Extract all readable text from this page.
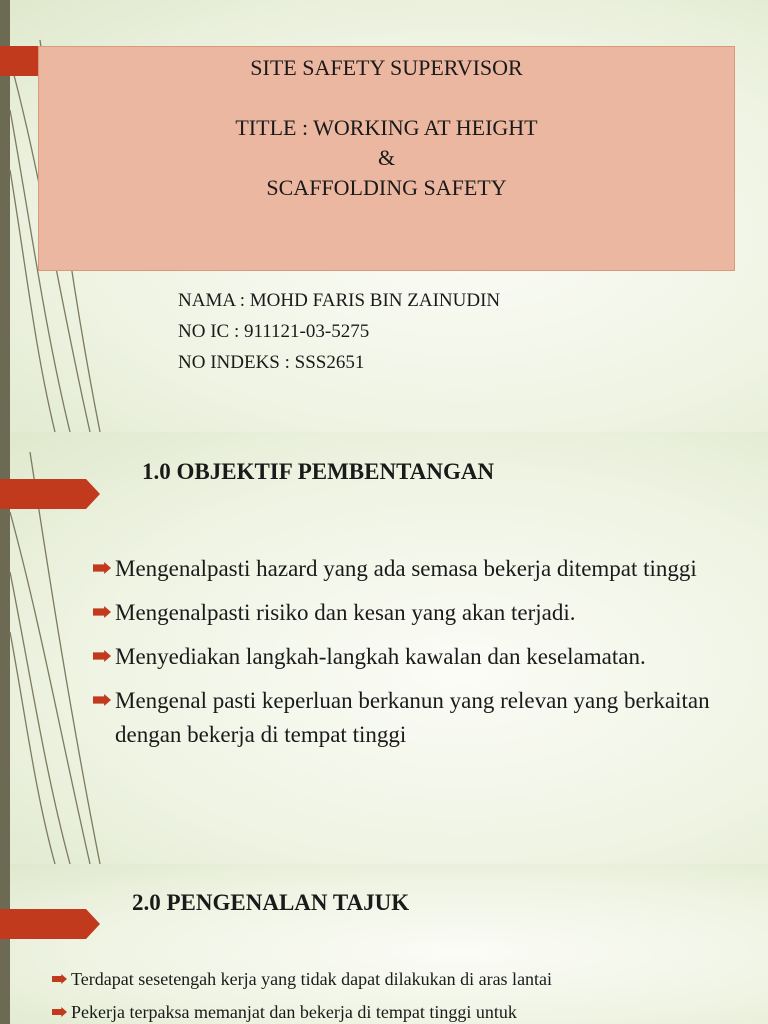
SITE SAFETY SUPERVISOR
TITLE : WORKING AT HEIGHT
&
SCAFFOLDING SAFETY
NAMA : MOHD FARIS BIN ZAINUDIN
NO IC : 911121-03-5275
NO INDEKS : SSS2651
1.0 OBJEKTIF PEMBENTANGAN
Mengenalpasti hazard yang ada semasa bekerja ditempat tinggi
Mengenalpasti risiko dan kesan yang akan terjadi.
Menyediakan langkah-langkah kawalan dan keselamatan.
Mengenal pasti keperluan berkanun yang relevan yang berkaitan dengan bekerja di tempat tinggi
2.0 PENGENALAN TAJUK
Terdapat sesetengah kerja yang tidak dapat dilakukan di aras lantai
Pekerja terpaksa memanjat dan bekerja di tempat tinggi untuk
